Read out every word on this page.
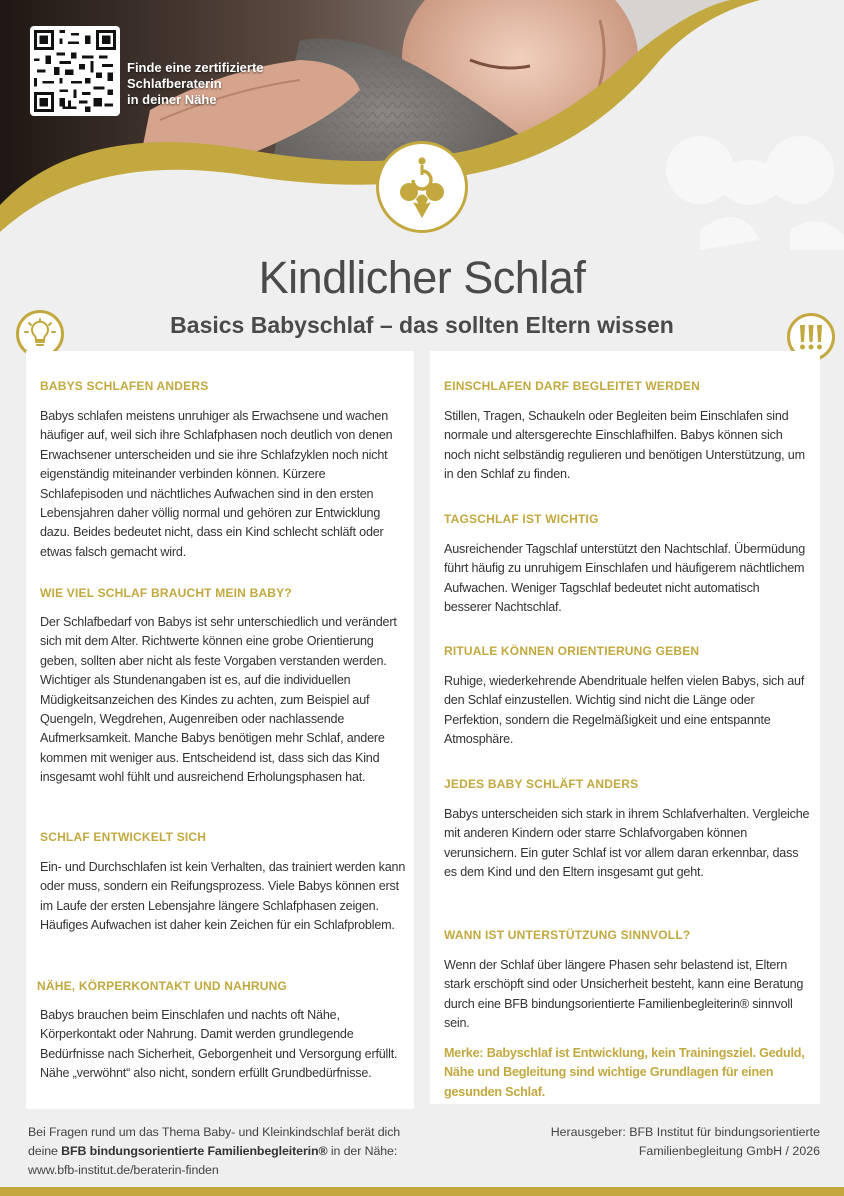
Finde eine zertifizierte
Schlafberaterin
in deiner Nähe
Kindlicher Schlaf
Basics Babyschlaf – das sollten Eltern wissen
BABYS SCHLAFEN ANDERS
Babys schlafen meistens unruhiger als Erwachsene und wachen häufiger auf, weil sich ihre Schlafphasen noch deutlich von denen Erwachsener unterscheiden und sie ihre Schlafzyklen noch nicht eigenständig miteinander verbinden können. Kürzere Schlafepisoden und nächtliches Aufwachen sind in den ersten Lebensjahren daher völlig normal und gehören zur Entwicklung dazu. Beides bedeutet nicht, dass ein Kind schlecht schläft oder etwas falsch gemacht wird.
WIE VIEL SCHLAF BRAUCHT MEIN BABY?
Der Schlafbedarf von Babys ist sehr unterschiedlich und verändert sich mit dem Alter. Richtwerte können eine grobe Orientierung geben, sollten aber nicht als feste Vorgaben verstanden werden. Wichtiger als Stundenangaben ist es, auf die individuellen Müdigkeitsanzeichen des Kindes zu achten, zum Beispiel auf Quengeln, Wegdrehen, Augenreiben oder nachlassende Aufmerksamkeit. Manche Babys benötigen mehr Schlaf, andere kommen mit weniger aus. Entscheidend ist, dass sich das Kind insgesamt wohl fühlt und ausreichend Erholungsphasen hat.
SCHLAF ENTWICKELT SICH
Ein- und Durchschlafen ist kein Verhalten, das trainiert werden kann oder muss, sondern ein Reifungsprozess. Viele Babys können erst im Laufe der ersten Lebensjahre längere Schlafphasen zeigen. Häufiges Aufwachen ist daher kein Zeichen für ein Schlafproblem.
NÄHE, KÖRPERKONTAKT UND NAHRUNG
Babys brauchen beim Einschlafen und nachts oft Nähe, Körperkontakt oder Nahrung. Damit werden grundlegende Bedürfnisse nach Sicherheit, Geborgenheit und Versorgung erfüllt. Nähe „verwöhnt“ also nicht, sondern erfüllt Grundbedürfnisse.
EINSCHLAFEN DARF BEGLEITET WERDEN
Stillen, Tragen, Schaukeln oder Begleiten beim Einschlafen sind normale und altersgerechte Einschlafhilfen. Babys können sich noch nicht selbständig regulieren und benötigen Unterstützung, um in den Schlaf zu finden.
TAGSCHLAF IST WICHTIG
Ausreichender Tagschlaf unterstützt den Nachtschlaf. Übermüdung führt häufig zu unruhigem Einschlafen und häufigerem nächtlichem Aufwachen. Weniger Tagschlaf bedeutet nicht automatisch besserer Nachtschlaf.
RITUALE KÖNNEN ORIENTIERUNG GEBEN
Ruhige, wiederkehrende Abendrituale helfen vielen Babys, sich auf den Schlaf einzustellen. Wichtig sind nicht die Länge oder Perfektion, sondern die Regelmäßigkeit und eine entspannte Atmosphäre.
JEDES BABY SCHLÄFT ANDERS
Babys unterscheiden sich stark in ihrem Schlafverhalten. Vergleiche mit anderen Kindern oder starre Schlafvorgaben können verunsichern. Ein guter Schlaf ist vor allem daran erkennbar, dass es dem Kind und den Eltern insgesamt gut geht.
WANN IST UNTERSTÜTZUNG SINNVOLL?
Wenn der Schlaf über längere Phasen sehr belastend ist, Eltern stark erschöpft sind oder Unsicherheit besteht, kann eine Beratung durch eine BFB bindungsorientierte Familienbegleiterin® sinnvoll sein.
Merke: Babyschlaf ist Entwicklung, kein Trainingsziel. Geduld, Nähe und Begleitung sind wichtige Grundlagen für einen gesunden Schlaf.
Bei Fragen rund um das Thema Baby- und Kleinkindschlaf berät dich deine BFB bindungsorientierte Familienbegleiterin® in der Nähe: www.bfb-institut.de/beraterin-finden
Herausgeber: BFB Institut für bindungsorientierte
Familienbegleitung GmbH / 2026
